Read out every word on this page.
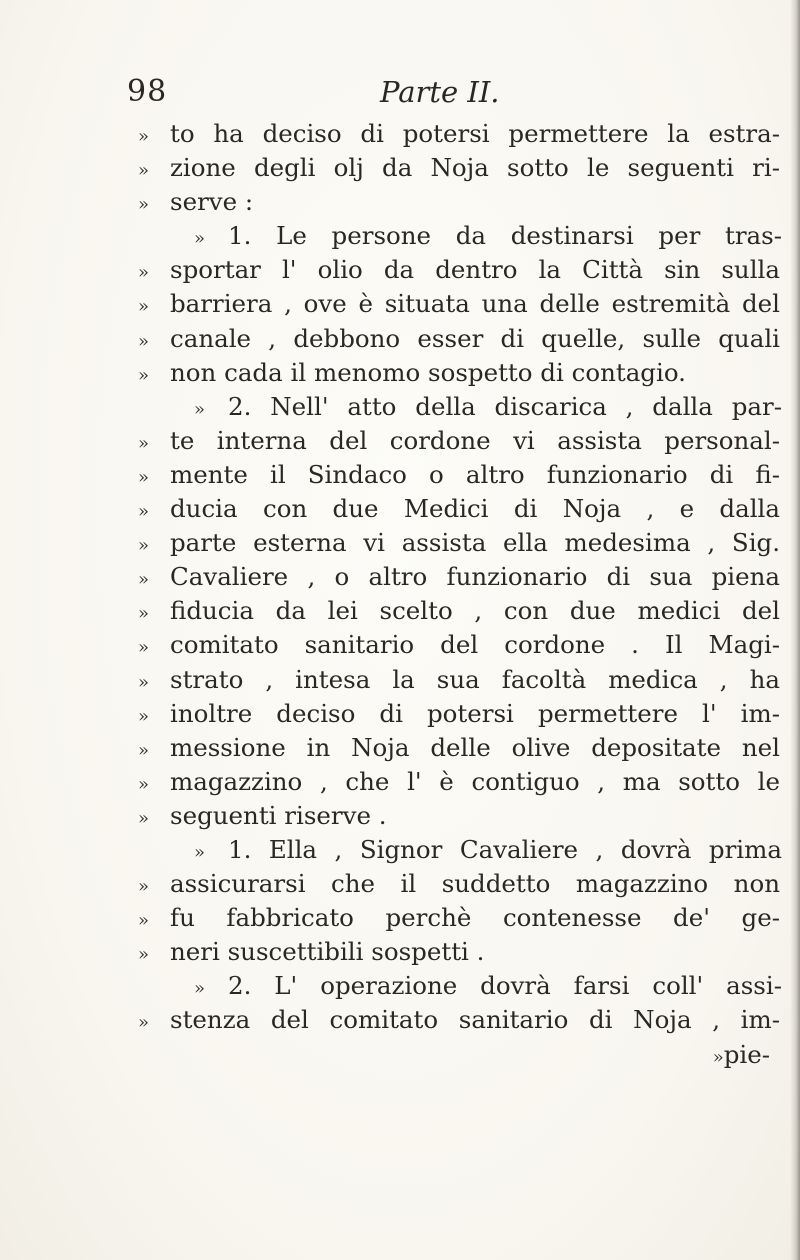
98	Parte II.
» to ha deciso di potersi permettere la estra-
» zione degli olj da Noja sotto le seguenti ri-
» serve :
» 1. Le persone da destinarsi per tras-
» sportar l' olio da dentro la Città sin sulla
» barriera , ove è situata una delle estremità del
» canale , debbono esser di quelle, sulle quali
» non cada il menomo sospetto di contagio.
» 2. Nell' atto della discarica , dalla par-
» te interna del cordone vi assista personal-
» mente il Sindaco o altro funzionario di fi-
» ducia con due Medici di Noja , e dalla
» parte esterna vi assista ella medesima , Sig.
» Cavaliere , o altro funzionario di sua piena
» fiducia da lei scelto , con due medici del
» comitato sanitario del cordone . Il Magi-
» strato , intesa la sua facoltà medica , ha
» inoltre deciso di potersi permettere l' im-
» messione in Noja delle olive depositate nel
» magazzino , che l' è contiguo , ma sotto le
» seguenti riserve .
» 1. Ella , Signor Cavaliere , dovrà prima
» assicurarsi che il suddetto magazzino non
» fu fabbricato perchè contenesse de' ge-
» neri suscettibili sospetti .
» 2. L' operazione dovrà farsi coll' assi-
» stenza del comitato sanitario di Noja , im-
»pie-
